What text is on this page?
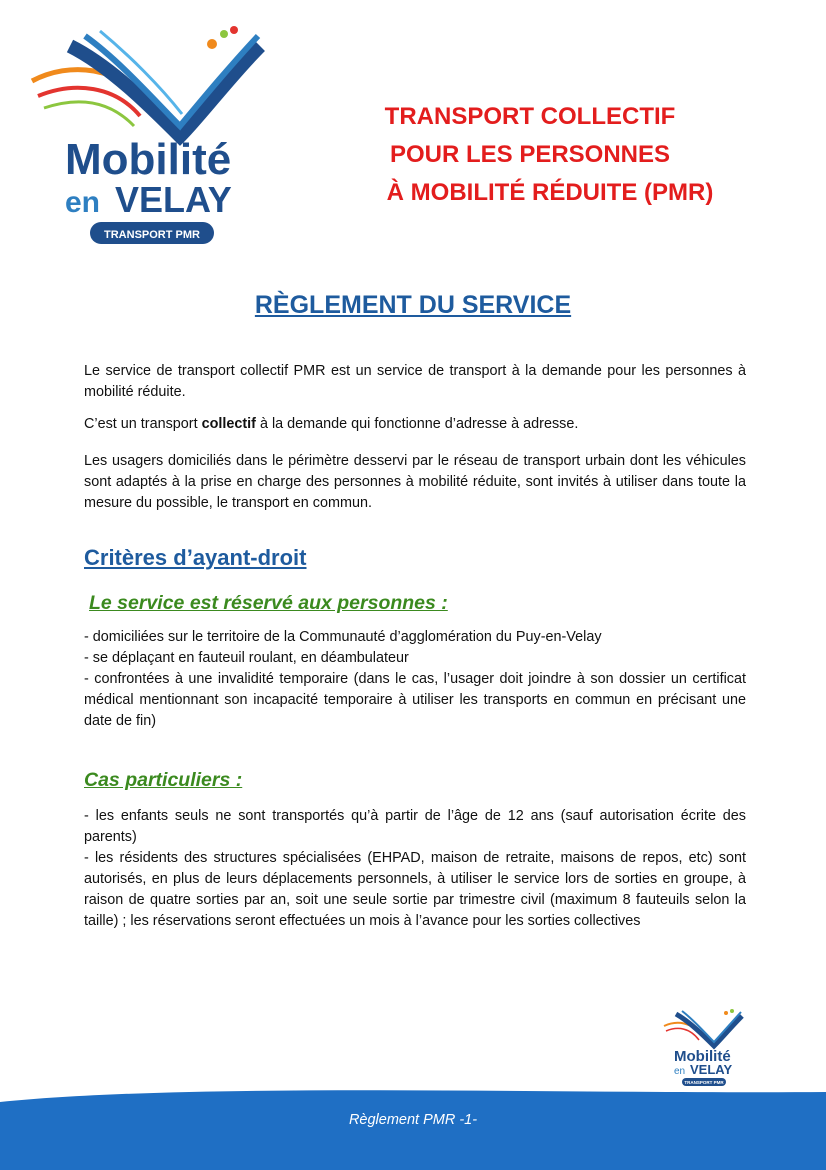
Mobilité
en VELAY
TRANSPORT PMR
TRANSPORT COLLECTIF
POUR LES PERSONNES
À MOBILITÉ RÉDUITE (PMR)
RÈGLEMENT DU SERVICE

Le service de transport collectif PMR est un service de transport à la demande pour les personnes à mobilité réduite.

C’est un transport collectif à la demande qui fonctionne d’adresse à adresse.

Les usagers domiciliés dans le périmètre desservi par le réseau de transport urbain dont les véhicules sont adaptés à la prise en charge des personnes à mobilité réduite, sont invités à utiliser dans toute la mesure du possible, le transport en commun.

Critères d’ayant-droit
Le service est réservé aux personnes :
- domiciliées sur le territoire de la Communauté d’agglomération du Puy-en-Velay
- se déplaçant en fauteuil roulant, en déambulateur
- confrontées à une invalidité temporaire (dans le cas, l’usager doit joindre à son dossier un certificat médical mentionnant son incapacité temporaire à utiliser les transports en commun en précisant une date de fin)
Cas particuliers :
- les enfants seuls ne sont transportés qu’à partir de l’âge de 12 ans (sauf autorisation écrite des parents)
- les résidents des structures spécialisées (EHPAD, maison de retraite, maisons de repos, etc) sont autorisés, en plus de leurs déplacements personnels, à utiliser le service lors de sorties en groupe, à raison de quatre sorties par an, soit une seule sortie par trimestre civil (maximum 8 fauteuils selon la taille) ; les réservations seront effectuées un mois à l’avance pour les sorties collectives
Mobilité
en VELAY
TRANSPORT PMR
Règlement PMR -1-
